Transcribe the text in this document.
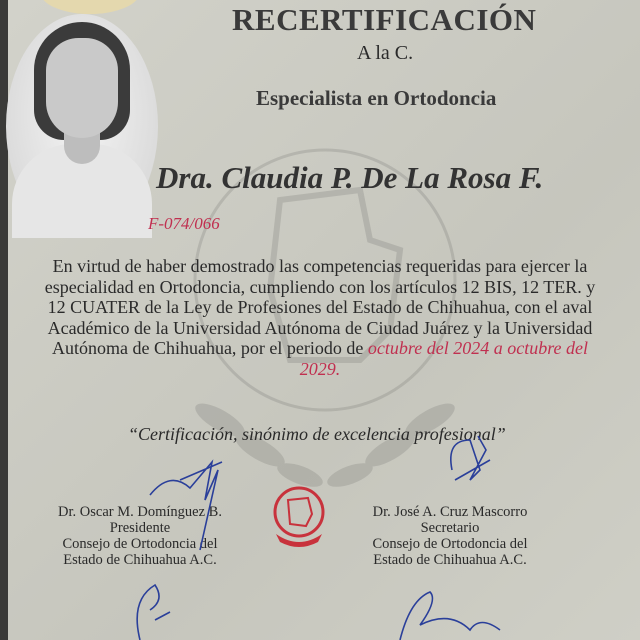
RECERTIFICACIÓN
A la C.
Especialista en Ortodoncia
Dra. Claudia P. De La Rosa F.
F-074/066
En virtud de haber demostrado las competencias requeridas para ejercer la especialidad en Ortodoncia, cumpliendo con los artículos 12 BIS, 12 TER. y 12 CUATER de la Ley de Profesiones del Estado de Chihuahua, con el aval Académico de la Universidad Autónoma de Ciudad Juárez y la Universidad Autónoma de Chihuahua, por el periodo de octubre del 2024 a octubre del 2029.
“Certificación, sinónimo de excelencia profesional”
Dr. Oscar M. Domínguez B.
Presidente
Consejo de Ortodoncia del
Estado de Chihuahua A.C.
Dr. José A. Cruz Mascorro
Secretario
Consejo de Ortodoncia del
Estado de Chihuahua A.C.
